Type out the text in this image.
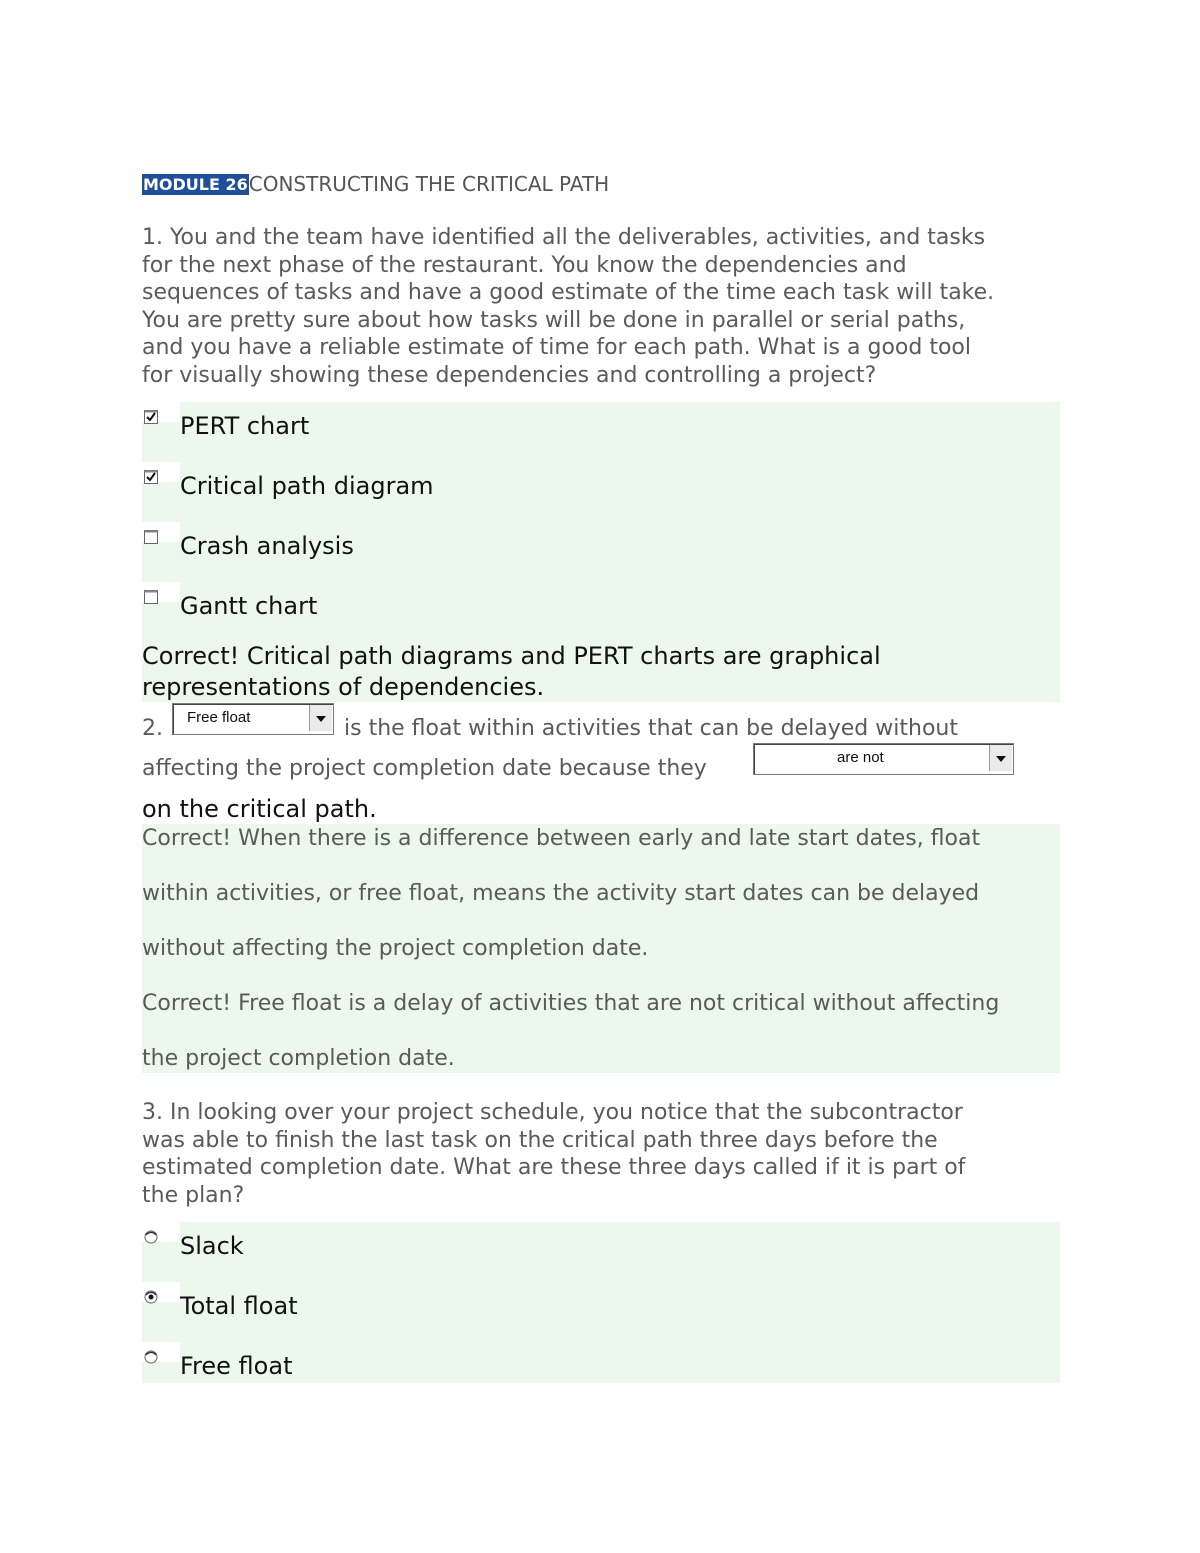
MODULE 26CONSTRUCTING THE CRITICAL PATH
1. You and the team have identified all the deliverables, activities, and tasks
for the next phase of the restaurant. You know the dependencies and
sequences of tasks and have a good estimate of the time each task will take.
You are pretty sure about how tasks will be done in parallel or serial paths,
and you have a reliable estimate of time for each path. What is a good tool
for visually showing these dependencies and controlling a project?
PERT chart
Critical path diagram
Crash analysis
Gantt chart
Correct! Critical path diagrams and PERT charts are graphical
representations of dependencies.
2. Free float	is the float within activities that can be delayed without
affecting the project completion date because they	are not
on the critical path.
Correct! When there is a difference between early and late start dates, float
within activities, or free float, means the activity start dates can be delayed
without affecting the project completion date.
Correct! Free float is a delay of activities that are not critical without affecting
the project completion date.
3. In looking over your project schedule, you notice that the subcontractor
was able to finish the last task on the critical path three days before the
estimated completion date. What are these three days called if it is part of
the plan?
Slack
Total float
Free float
